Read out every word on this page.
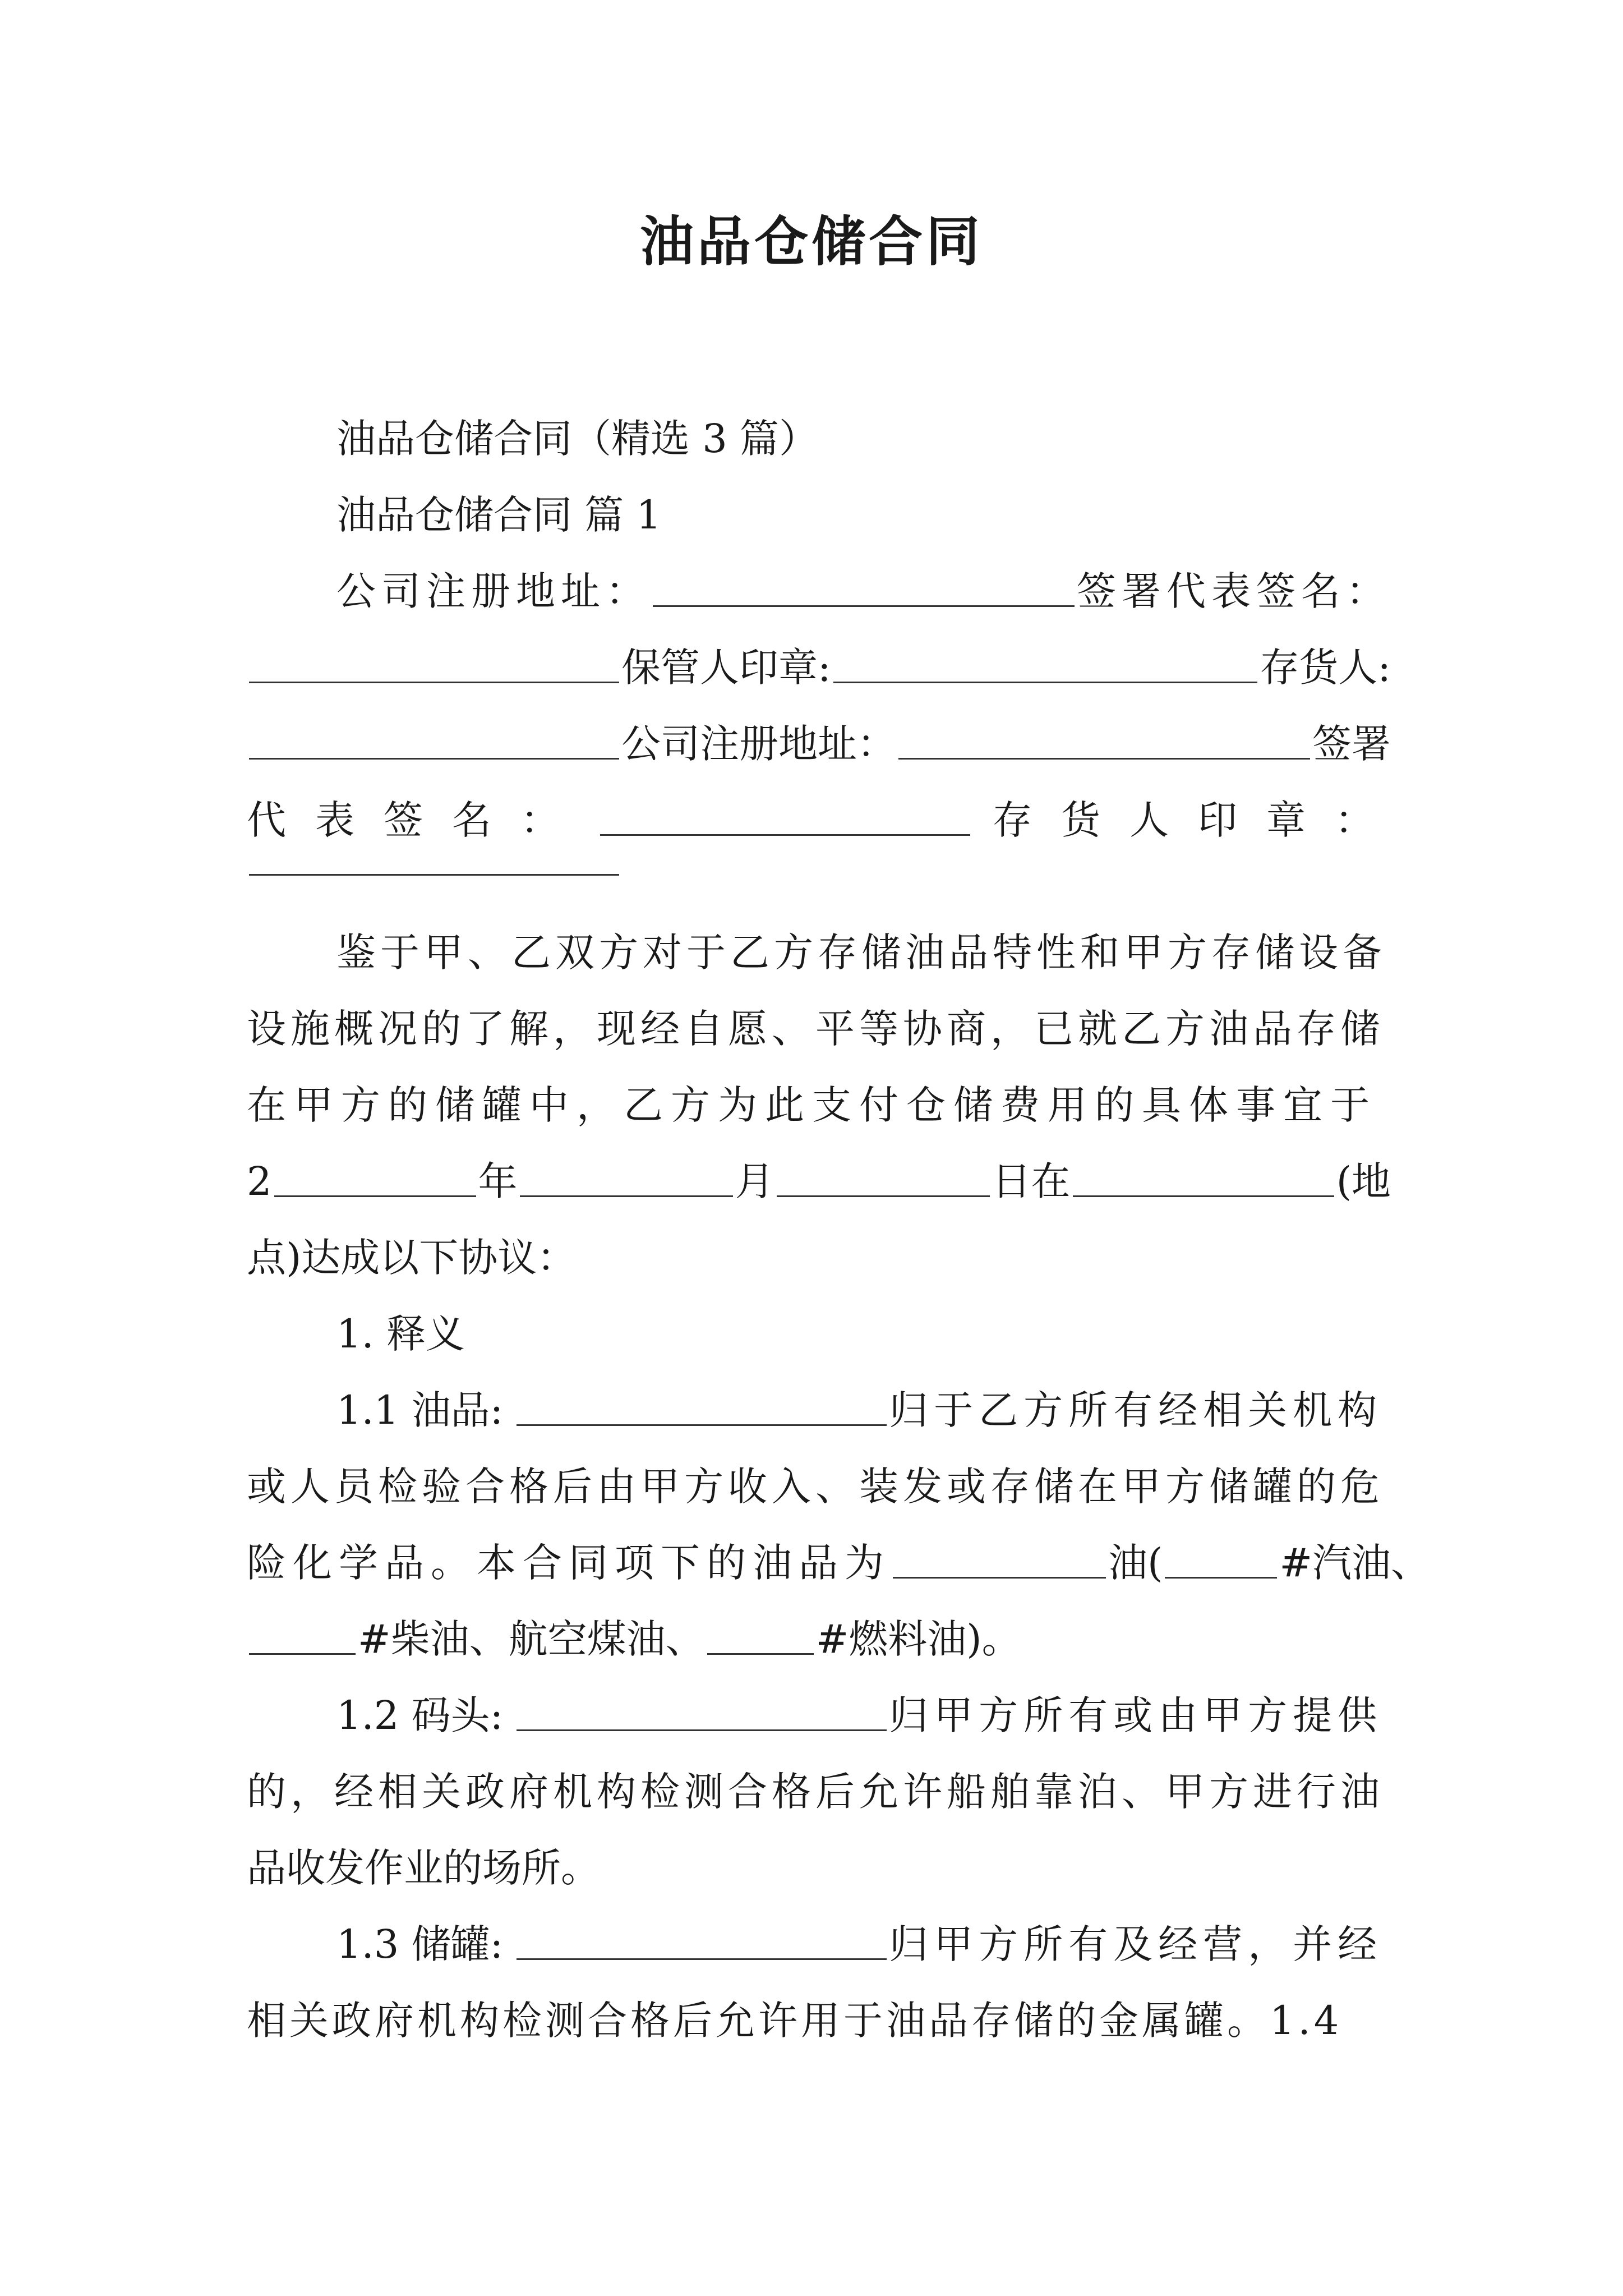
油品仓储合同
油品仓储合同（精选 3 篇）
油品仓储合同 篇 1
公司注册地址：	签署代表签名：
保管人印章:	存货人:
公司注册地址：	签署
代表签名：	存货人印章：
鉴于甲、乙双方对于乙方存储油品特性和甲方存储设备
设施概况的了解，现经自愿、平等协商，已就乙方油品存储
在甲方的储罐中，乙方为此支付仓储费用的具体事宜于
2	年	月	日在	(地
点)达成以下协议：
1. 释义
1.1 油品:	归于乙方所有经相关机构
或人员检验合格后由甲方收入、装发或存储在甲方储罐的危
险化学品。本合同项下的油品为	油(	#汽油、
#柴油、航空煤油、	#燃料油)。
1.2 码头:	归甲方所有或由甲方提供
的，经相关政府机构检测合格后允许船舶靠泊、甲方进行油
品收发作业的场所。
1.3 储罐:	归甲方所有及经营，并经
相关政府机构检测合格后允许用于油品存储的金属罐。1.4
